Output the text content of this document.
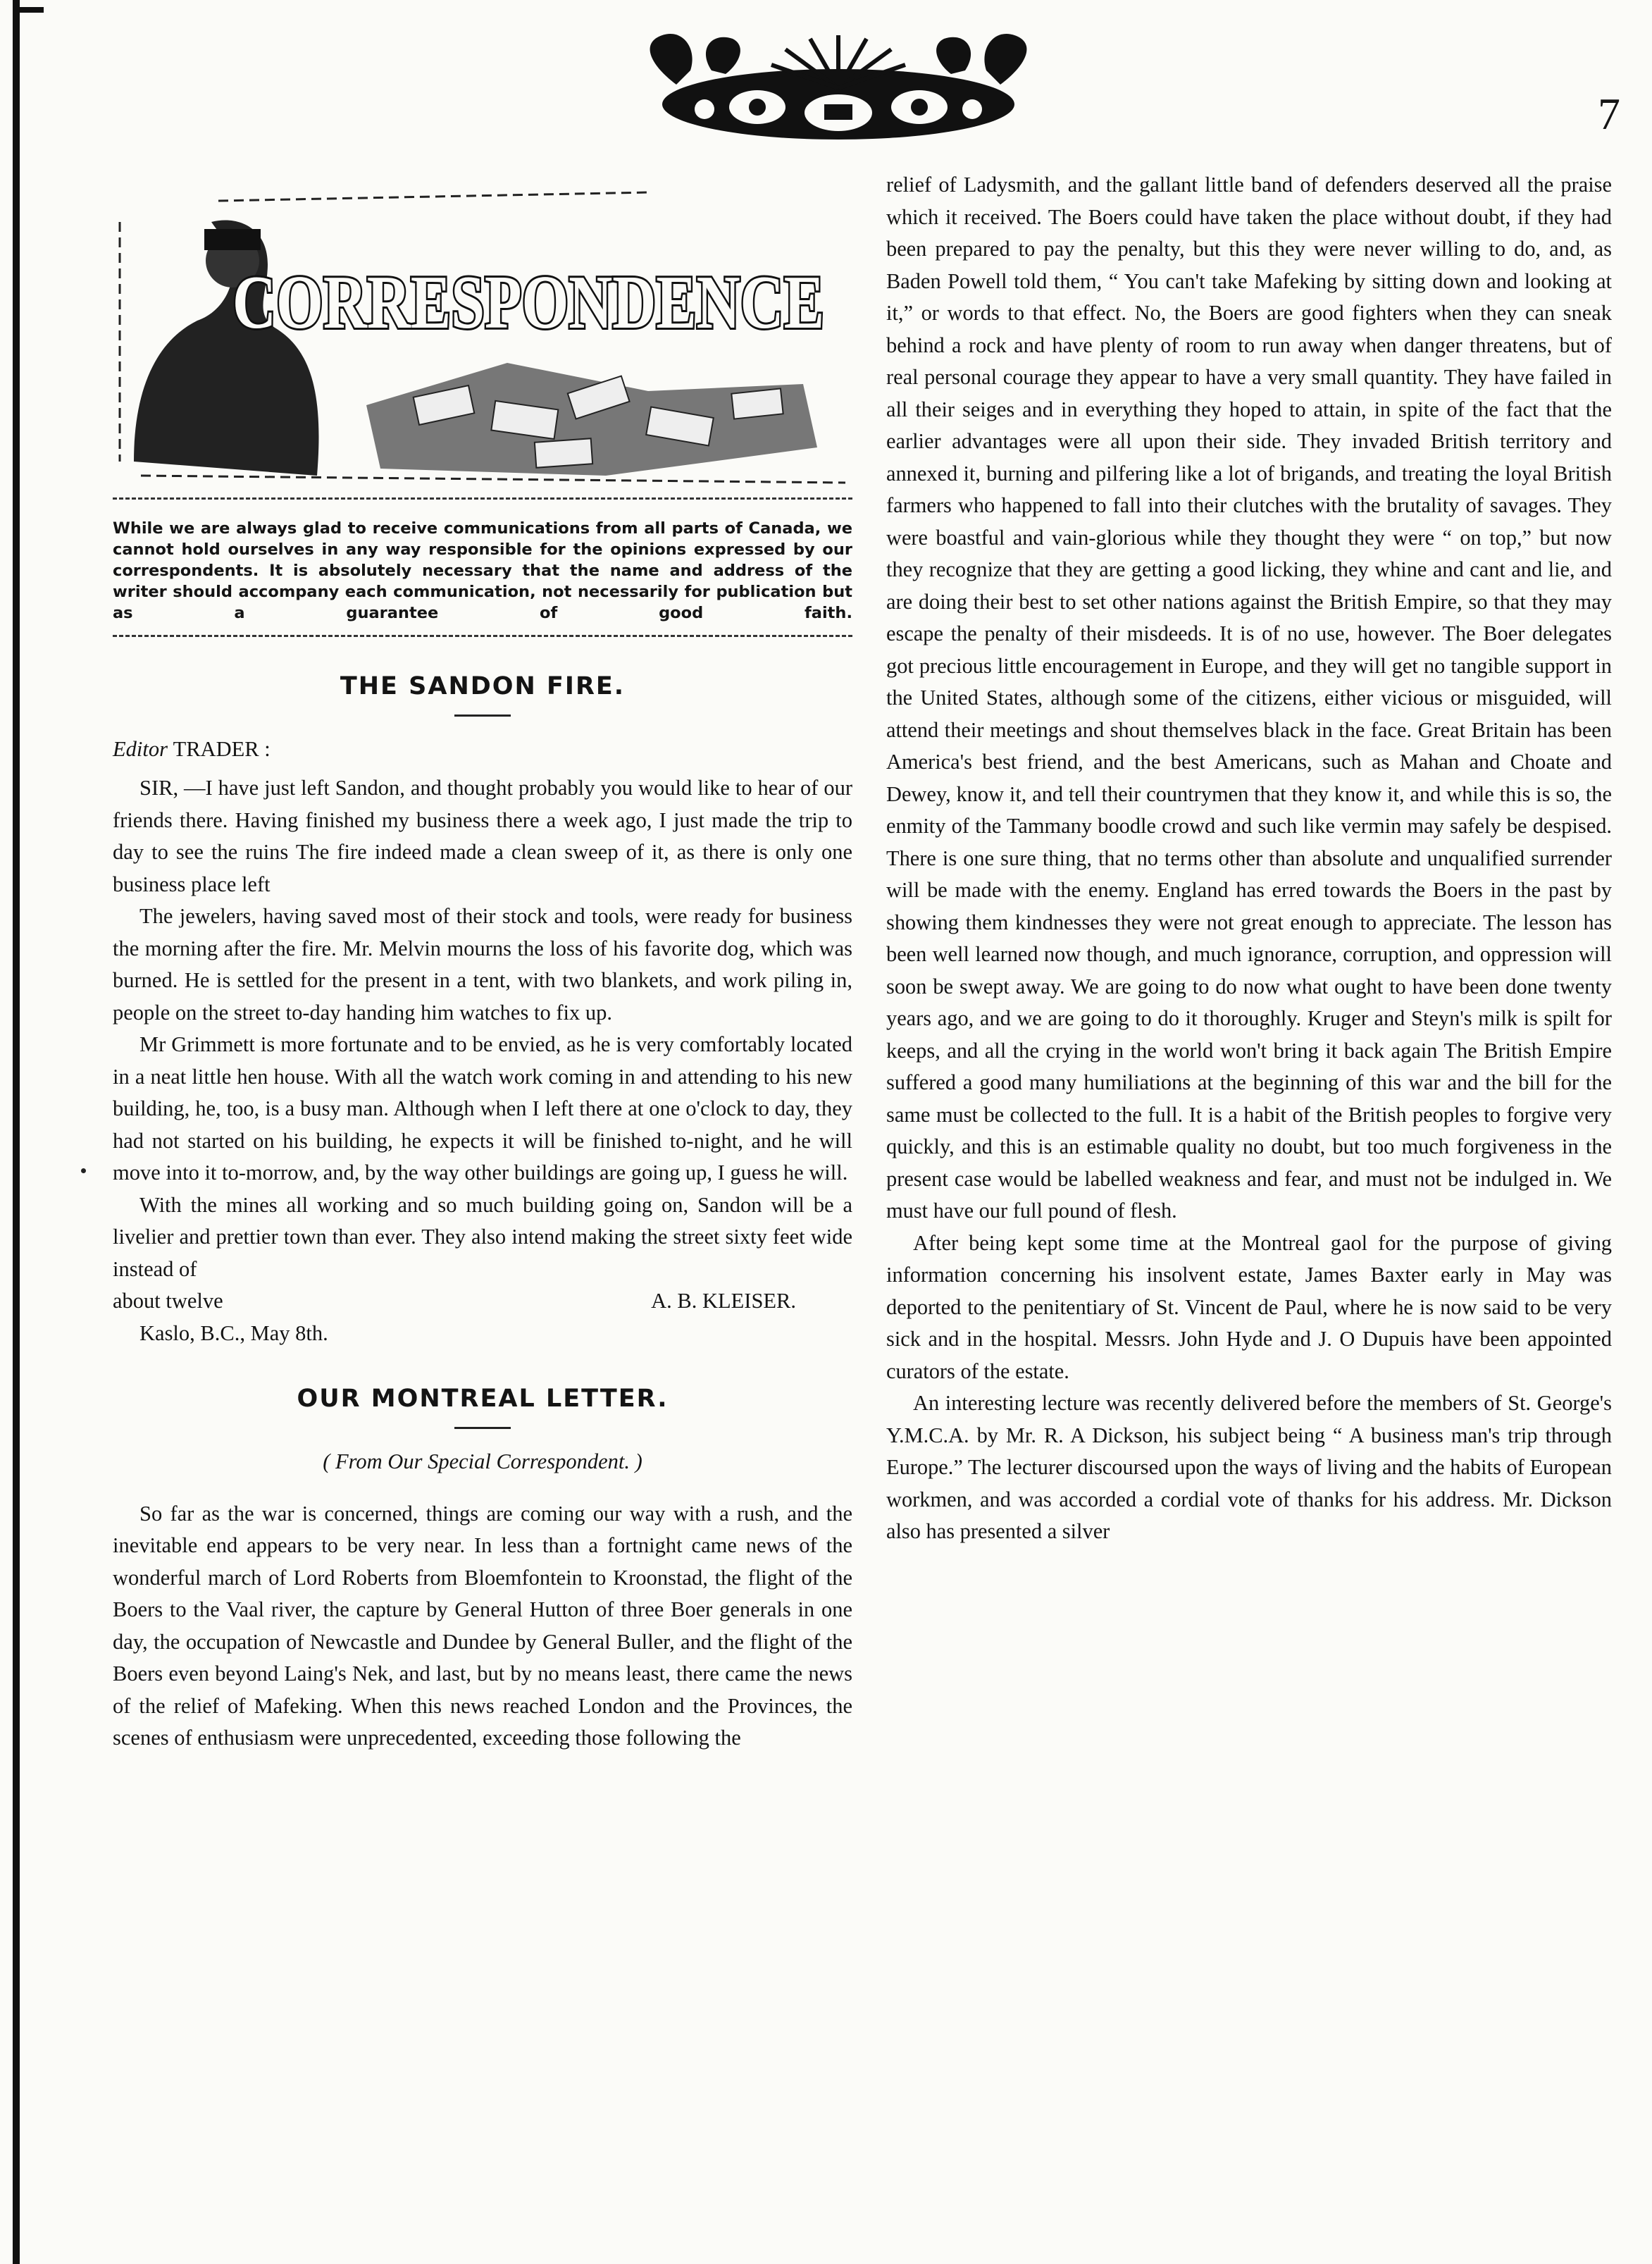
7
CORRESPONDENCE

While we are always glad to receive communications from all parts of Canada, we cannot hold ourselves in any way responsible for the opinions expressed by our correspondents. It is absolutely necessary that the name and address of the writer should accompany each communication, not necessarily for publication but as a guarantee of good faith.

THE SANDON FIRE.
Editor TRADER :

SIR, —I have just left Sandon, and thought probably you would like to hear of our friends there. Having finished my business there a week ago, I just made the trip to day to see the ruins The fire indeed made a clean sweep of it, as there is only one business place left

The jewelers, having saved most of their stock and tools, were ready for business the morning after the fire. Mr. Melvin mourns the loss of his favorite dog, which was burned. He is settled for the present in a tent, with two blankets, and work piling in, people on the street to-day handing him watches to fix up.

Mr Grimmett is more fortunate and to be envied, as he is very comfortably located in a neat little hen house. With all the watch work coming in and attending to his new building, he, too, is a busy man. Although when I left there at one o'clock to day, they had not started on his building, he expects it will be finished to-night, and he will move into it to-morrow, and, by the way other buildings are going up, I guess he will.

With the mines all working and so much building going on, Sandon will be a livelier and prettier town than ever. They also intend making the street sixty feet wide instead of

about twelve	A. B. KLEISER.
Kaslo, B.C., May 8th.
OUR MONTREAL LETTER.

( From Our Special Correspondent. )

So far as the war is concerned, things are coming our way with a rush, and the inevitable end appears to be very near. In less than a fortnight came news of the wonderful march of Lord Roberts from Bloemfontein to Kroonstad, the flight of the Boers to the Vaal river, the capture by General Hutton of three Boer generals in one day, the occupation of Newcastle and Dundee by General Buller, and the flight of the Boers even beyond Laing's Nek, and last, but by no means least, there came the news of the relief of Mafeking. When this news reached London and the Provinces, the scenes of enthusiasm were unprecedented, exceeding those following the

relief of Ladysmith, and the gallant little band of defenders deserved all the praise which it received. The Boers could have taken the place without doubt, if they had been prepared to pay the penalty, but this they were never willing to do, and, as Baden Powell told them, “ You can't take Mafeking by sitting down and looking at it,” or words to that effect. No, the Boers are good fighters when they can sneak behind a rock and have plenty of room to run away when danger threatens, but of real personal courage they appear to have a very small quantity. They have failed in all their seiges and in everything they hoped to attain, in spite of the fact that the earlier advantages were all upon their side. They invaded British territory and annexed it, burning and pilfering like a lot of brigands, and treating the loyal British farmers who happened to fall into their clutches with the brutality of savages. They were boastful and vain-glorious while they thought they were “ on top,” but now they recognize that they are getting a good licking, they whine and cant and lie, and are doing their best to set other nations against the British Empire, so that they may escape the penalty of their misdeeds. It is of no use, however. The Boer delegates got precious little encouragement in Europe, and they will get no tangible support in the United States, although some of the citizens, either vicious or misguided, will attend their meetings and shout themselves black in the face. Great Britain has been America's best friend, and the best Americans, such as Mahan and Choate and Dewey, know it, and tell their countrymen that they know it, and while this is so, the enmity of the Tammany boodle crowd and such like vermin may safely be despised. There is one sure thing, that no terms other than absolute and unqualified surrender will be made with the enemy. England has erred towards the Boers in the past by showing them kindnesses they were not great enough to appreciate. The lesson has been well learned now though, and much ignorance, corruption, and oppression will soon be swept away. We are going to do now what ought to have been done twenty years ago, and we are going to do it thoroughly. Kruger and Steyn's milk is spilt for keeps, and all the crying in the world won't bring it back again The British Empire suffered a good many humiliations at the beginning of this war and the bill for the same must be collected to the full. It is a habit of the British peoples to forgive very quickly, and this is an estimable quality no doubt, but too much forgiveness in the present case would be labelled weakness and fear, and must not be indulged in. We must have our full pound of flesh.

After being kept some time at the Montreal gaol for the purpose of giving information concerning his insolvent estate, James Baxter early in May was deported to the penitentiary of St. Vincent de Paul, where he is now said to be very sick and in the hospital. Messrs. John Hyde and J. O Dupuis have been appointed curators of the estate.

An interesting lecture was recently delivered before the members of St. George's Y.M.C.A. by Mr. R. A Dickson, his subject being “ A business man's trip through Europe.” The lecturer discoursed upon the ways of living and the habits of European workmen, and was accorded a cordial vote of thanks for his address. Mr. Dickson also has presented a silver
